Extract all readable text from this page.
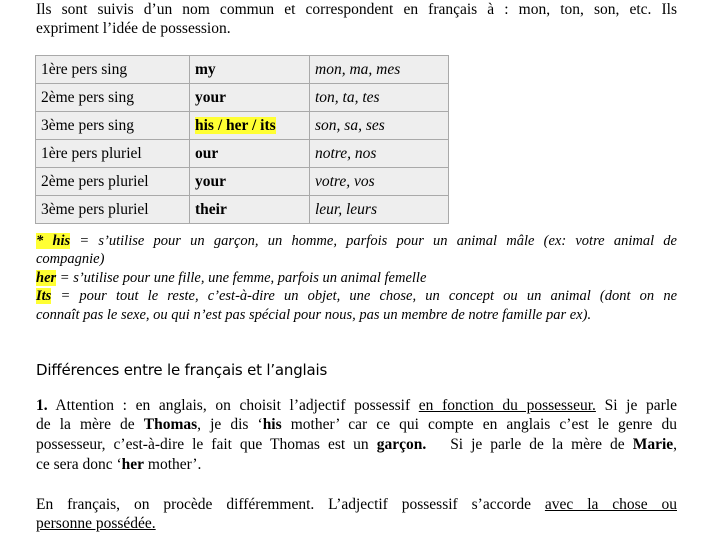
Ils sont suivis d’un nom commun et correspondent en français à : mon, ton, son, etc. Ils

expriment l’idée de possession.

1ère pers sing	my	mon, ma, mes
2ème pers sing	your	ton, ta, tes
3ème pers sing	his / her / its	son, sa, ses
1ère pers pluriel	our	notre, nos
2ème pers pluriel	your	votre, vos
3ème pers pluriel	their	leur, leurs

* his = s’utilise pour un garçon, un homme, parfois pour un animal mâle (ex: votre animal de

compagnie)

her = s’utilise pour une fille, une femme, parfois un animal femelle

Its = pour tout le reste, c’est-à-dire un objet, une chose, un concept ou un animal (dont on ne

connaît pas le sexe, ou qui n’est pas spécial pour nous, pas un membre de notre famille par ex).

Différences entre le français et l’anglais

1. Attention : en anglais, on choisit l’adjectif possessif en fonction du possesseur. Si je parle

de la mère de Thomas, je dis ‘his mother’ car ce qui compte en anglais c’est le genre du

possesseur, c’est-à-dire le fait que Thomas est un garçon.   Si je parle de la mère de Marie,

ce sera donc ‘her mother’.

En français, on procède différemment. L’adjectif possessif s’accorde avec la chose ou

personne possédée.
